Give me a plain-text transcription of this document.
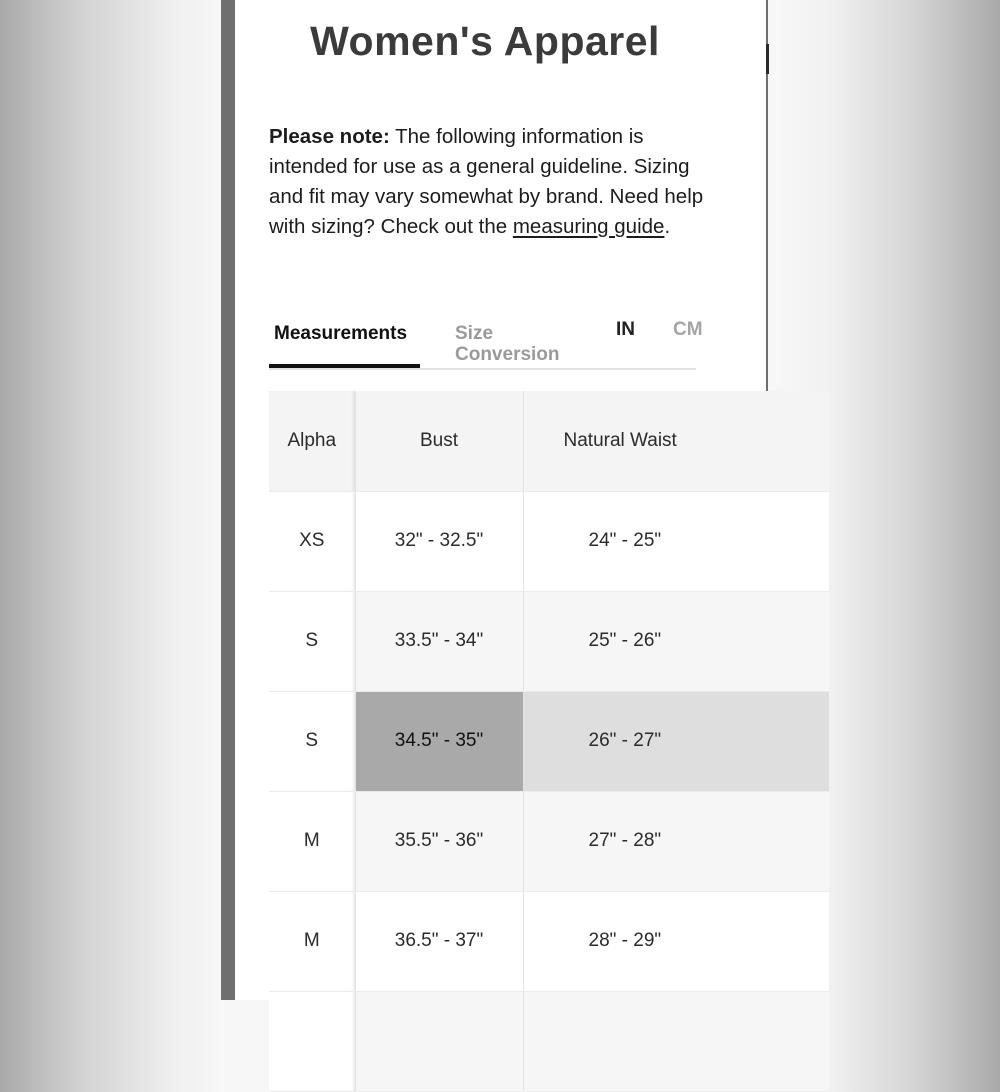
Women's Apparel

Please note: The following information is intended for use as a general guideline. Sizing and fit may vary somewhat by brand. Need help with sizing? Check out the measuring guide.

Measurements	Size Conversion
IN CM
Alpha	Bust	Natural Waist
XS	32" - 32.5"	24" - 25"
S	33.5" - 34"	25" - 26"
S	34.5" - 35"	26" - 27"
M	35.5" - 36"	27" - 28"
M	36.5" - 37"	28" - 29"
